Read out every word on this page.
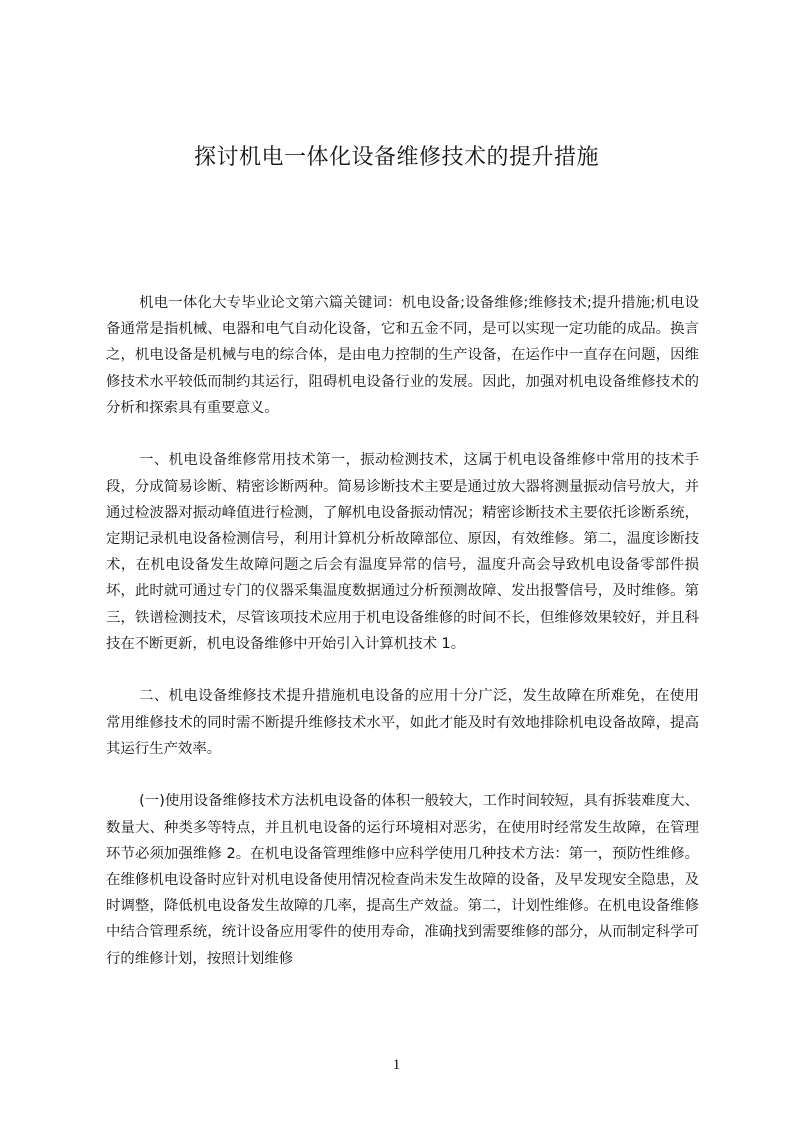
探讨机电一体化设备维修技术的提升措施

机电一体化大专毕业论文第六篇关键词：机电设备;设备维修;维修技术;提升措施;机电设备通常是指机械、电器和电气自动化设备，它和五金不同，是可以实现一定功能的成品。换言之，机电设备是机械与电的综合体，是由电力控制的生产设备，在运作中一直存在问题，因维修技术水平较低而制约其运行，阻碍机电设备行业的发展。因此，加强对机电设备维修技术的分析和探索具有重要意义。

一、机电设备维修常用技术第一，振动检测技术，这属于机电设备维修中常用的技术手段，分成简易诊断、精密诊断两种。简易诊断技术主要是通过放大器将测量振动信号放大，并通过检波器对振动峰值进行检测，了解机电设备振动情况；精密诊断技术主要依托诊断系统，定期记录机电设备检测信号，利用计算机分析故障部位、原因，有效维修。第二，温度诊断技术，在机电设备发生故障问题之后会有温度异常的信号，温度升高会导致机电设备零部件损坏，此时就可通过专门的仪器采集温度数据通过分析预测故障、发出报警信号，及时维修。第三，铁谱检测技术，尽管该项技术应用于机电设备维修的时间不长，但维修效果较好，并且科技在不断更新，机电设备维修中开始引入计算机技术 1。

二、机电设备维修技术提升措施机电设备的应用十分广泛，发生故障在所难免，在使用常用维修技术的同时需不断提升维修技术水平，如此才能及时有效地排除机电设备故障，提高其运行生产效率。

(一)使用设备维修技术方法机电设备的体积一般较大，工作时间较短，具有拆装难度大、数量大、种类多等特点，并且机电设备的运行环境相对恶劣，在使用时经常发生故障，在管理环节必须加强维修 2。在机电设备管理维修中应科学使用几种技术方法：第一，预防性维修。在维修机电设备时应针对机电设备使用情况检查尚未发生故障的设备，及早发现安全隐患，及时调整，降低机电设备发生故障的几率，提高生产效益。第二，计划性维修。在机电设备维修中结合管理系统，统计设备应用零件的使用寿命，准确找到需要维修的部分，从而制定科学可行的维修计划，按照计划维修

1
